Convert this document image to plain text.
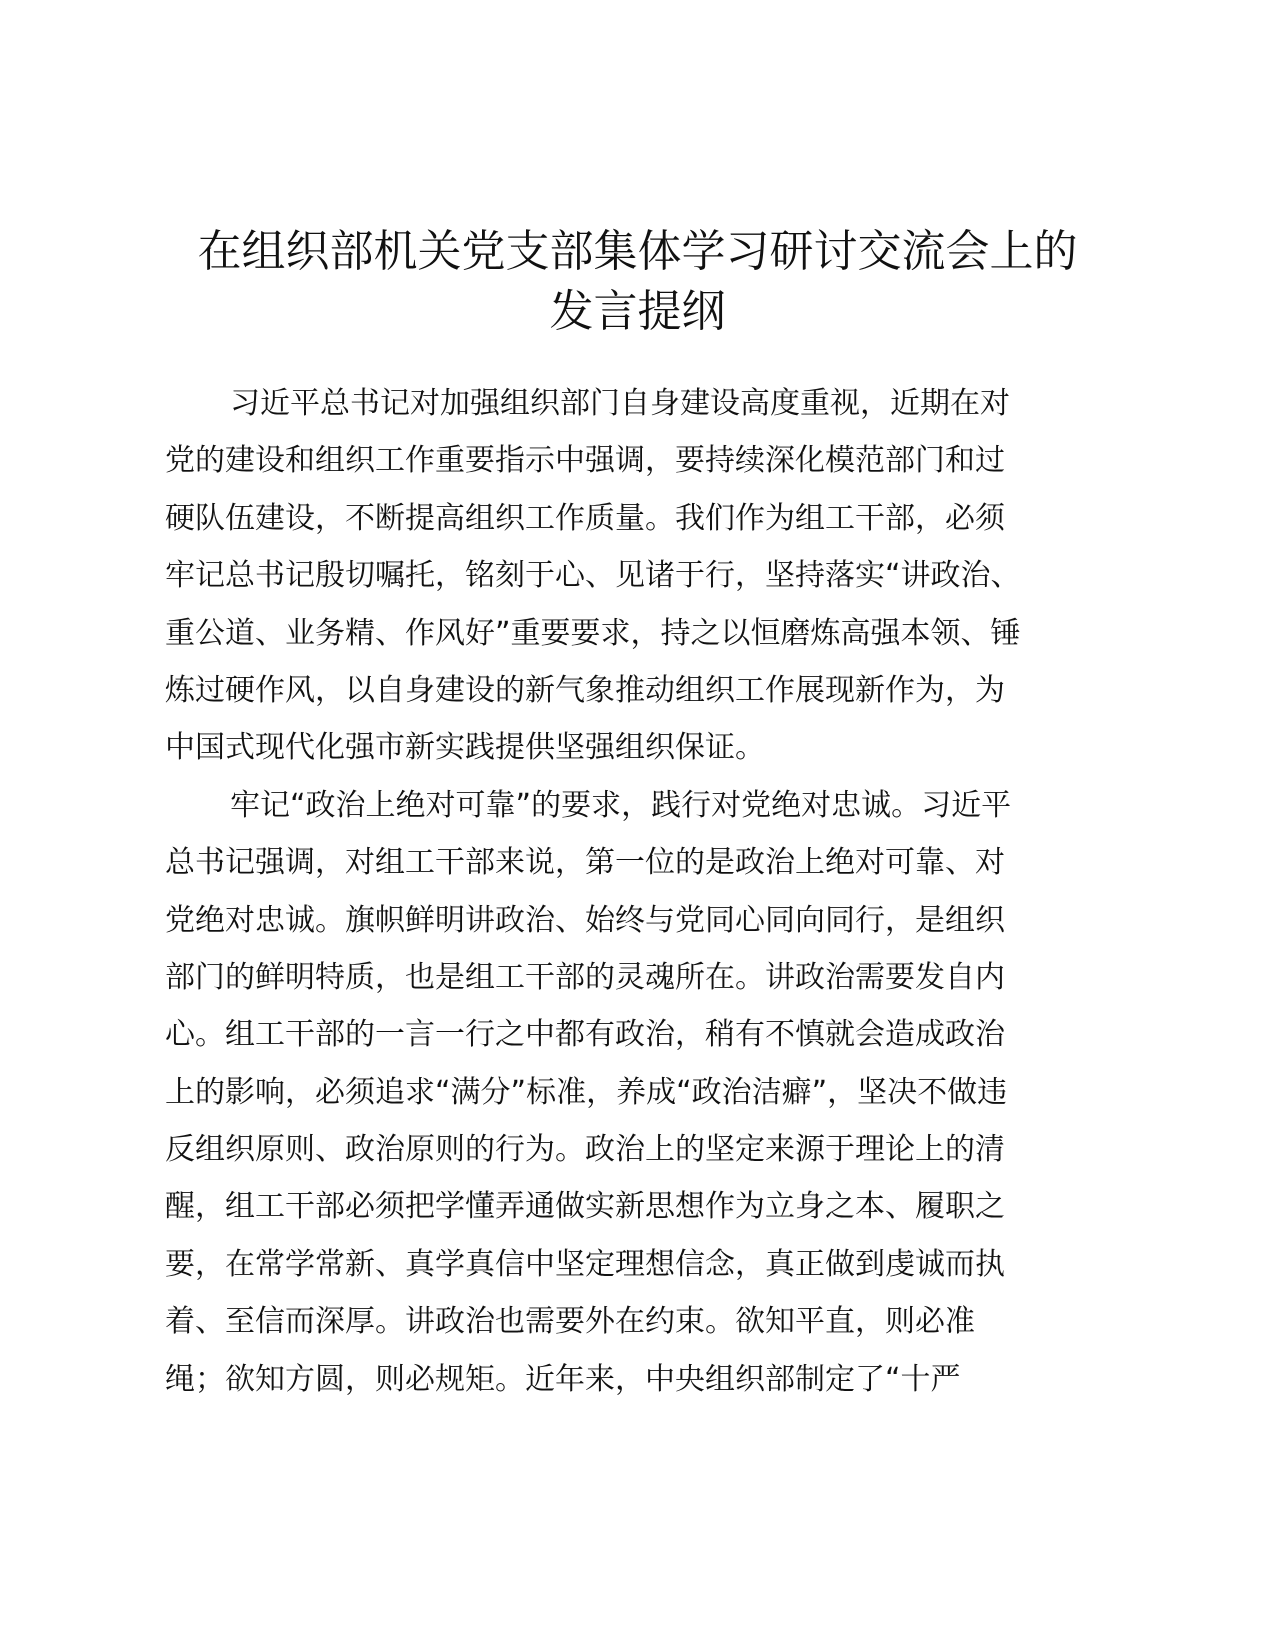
在组织部机关党支部集体学习研讨交流会上的
发言提纲
习近平总书记对加强组织部门自身建设高度重视，近期在对
党的建设和组织工作重要指示中强调，要持续深化模范部门和过
硬队伍建设，不断提高组织工作质量。我们作为组工干部，必须
牢记总书记殷切嘱托，铭刻于心、见诸于行，坚持落实“讲政治、
重公道、业务精、作风好”重要要求，持之以恒磨炼高强本领、锤
炼过硬作风，以自身建设的新气象推动组织工作展现新作为，为
中国式现代化强市新实践提供坚强组织保证。
牢记“政治上绝对可靠”的要求，践行对党绝对忠诚。习近平
总书记强调，对组工干部来说，第一位的是政治上绝对可靠、对
党绝对忠诚。旗帜鲜明讲政治、始终与党同心同向同行，是组织
部门的鲜明特质，也是组工干部的灵魂所在。讲政治需要发自内
心。组工干部的一言一行之中都有政治，稍有不慎就会造成政治
上的影响，必须追求“满分”标准，养成“政治洁癖”，坚决不做违
反组织原则、政治原则的行为。政治上的坚定来源于理论上的清
醒，组工干部必须把学懂弄通做实新思想作为立身之本、履职之
要，在常学常新、真学真信中坚定理想信念，真正做到虔诚而执
着、至信而深厚。讲政治也需要外在约束。欲知平直，则必准
绳；欲知方圆，则必规矩。近年来，中央组织部制定了“十严
